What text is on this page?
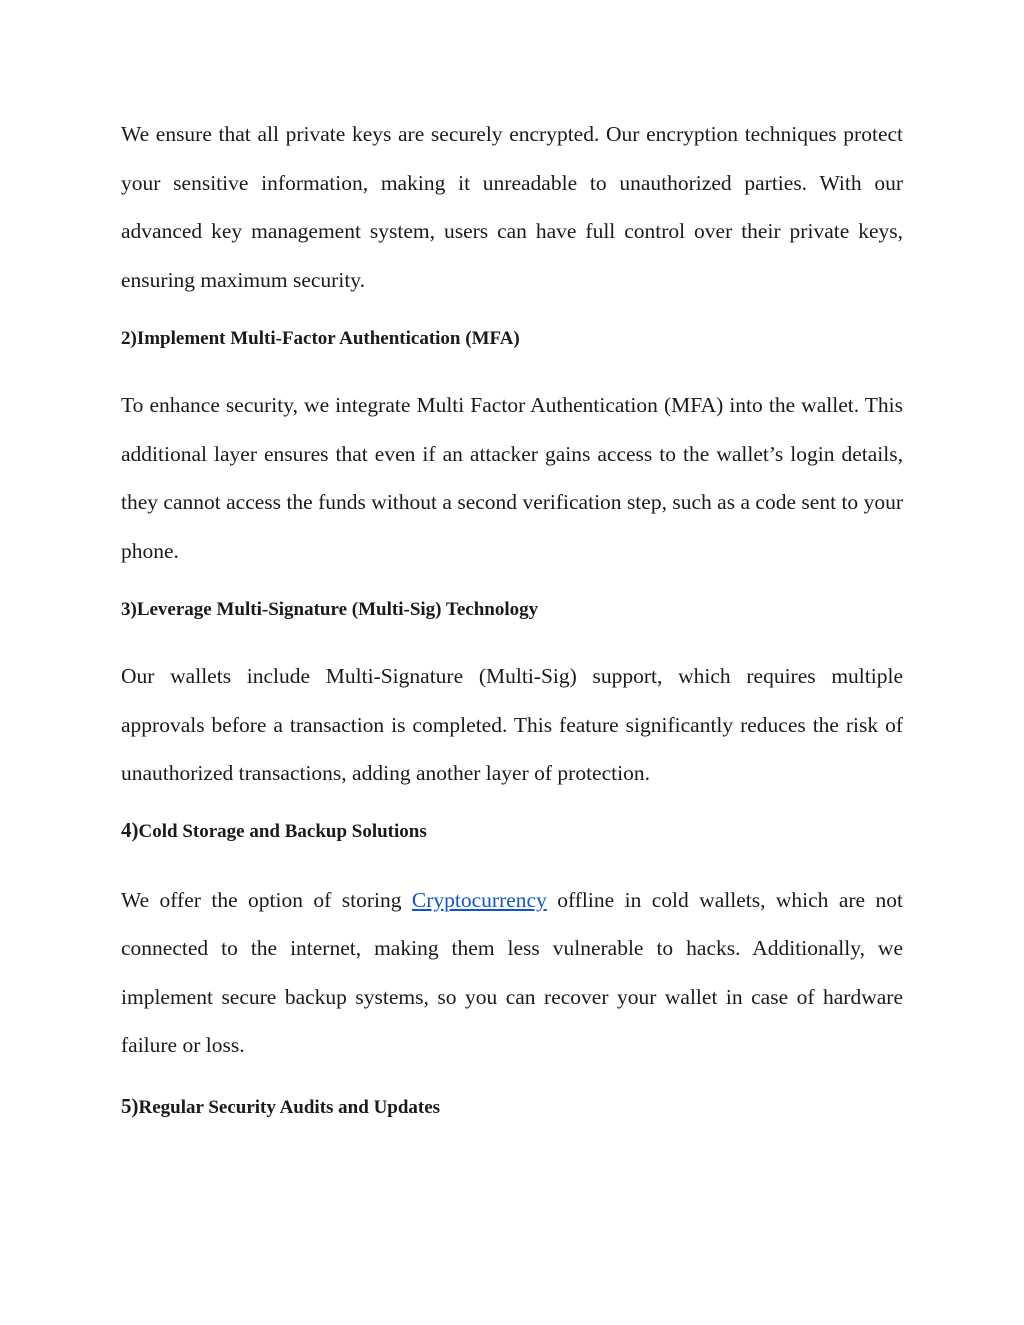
We ensure that all private keys are securely encrypted. Our encryption techniques protect your sensitive information, making it unreadable to unauthorized parties. With our advanced key management system, users can have full control over their private keys, ensuring maximum security.

2)Implement Multi-Factor Authentication (MFA)

To enhance security, we integrate Multi Factor Authentication (MFA) into the wallet. This additional layer ensures that even if an attacker gains access to the wallet’s login details, they cannot access the funds without a second verification step, such as a code sent to your phone.

3)Leverage Multi-Signature (Multi-Sig) Technology

Our wallets include Multi-Signature (Multi-Sig) support, which requires multiple approvals before a transaction is completed. This feature significantly reduces the risk of unauthorized transactions, adding another layer of protection.

4)Cold Storage and Backup Solutions

We offer the option of storing Cryptocurrency offline in cold wallets, which are not connected to the internet, making them less vulnerable to hacks. Additionally, we implement secure backup systems, so you can recover your wallet in case of hardware failure or loss.

5)Regular Security Audits and Updates
